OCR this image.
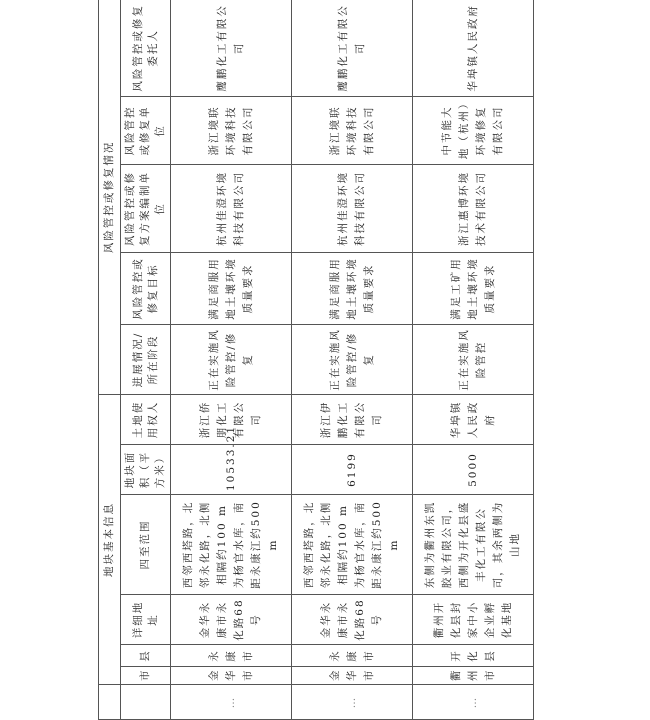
	地块基本信息						风险管控或修复情况				
	市	县	详细地址	四至范围	地块面积（平方米）	土地使用权人	进展情况/所在阶段	风险管控或修复目标	风险管控或修复方案编制单位	风险管控或修复单位	风险管控或修复委托人
…	金华市	永康市	金华永康市永化路68号	西邻西塔路，北邻永化路，北侧相隔约100 m为杨官水库，南距永康江约500 m	10533.21	浙江侨朋化工有限公司	正在实施风险管控/修复	满足商服用地土壤环境质量要求	杭州佳澄环境科技有限公司	浙江境联环境科技有限公司	鹰鹏化工有限公司
…	金华市	永康市	金华永康市永化路68号	西邻西塔路，北邻永化路，北侧相隔约100 m为杨官水库，南距永康江约500 m	6199	浙江伊鹏化工有限公司	正在实施风险管控/修复	满足商服用地土壤环境质量要求	杭州佳澄环境科技有限公司	浙江境联环境科技有限公司	鹰鹏化工有限公司
…	衢州市	开化县	衢州开化县封家中小企业孵化基地	东侧为衢州东凯胶业有限公司，西侧为开化县盛丰化工有限公司，其余两侧为山地	5000	华埠镇人民政府	正在实施风险管控	满足工矿用地土壤环境质量要求	浙江惠博环境技术有限公司	中节能大地（杭州）环境修复有限公司	华埠镇人民政府
